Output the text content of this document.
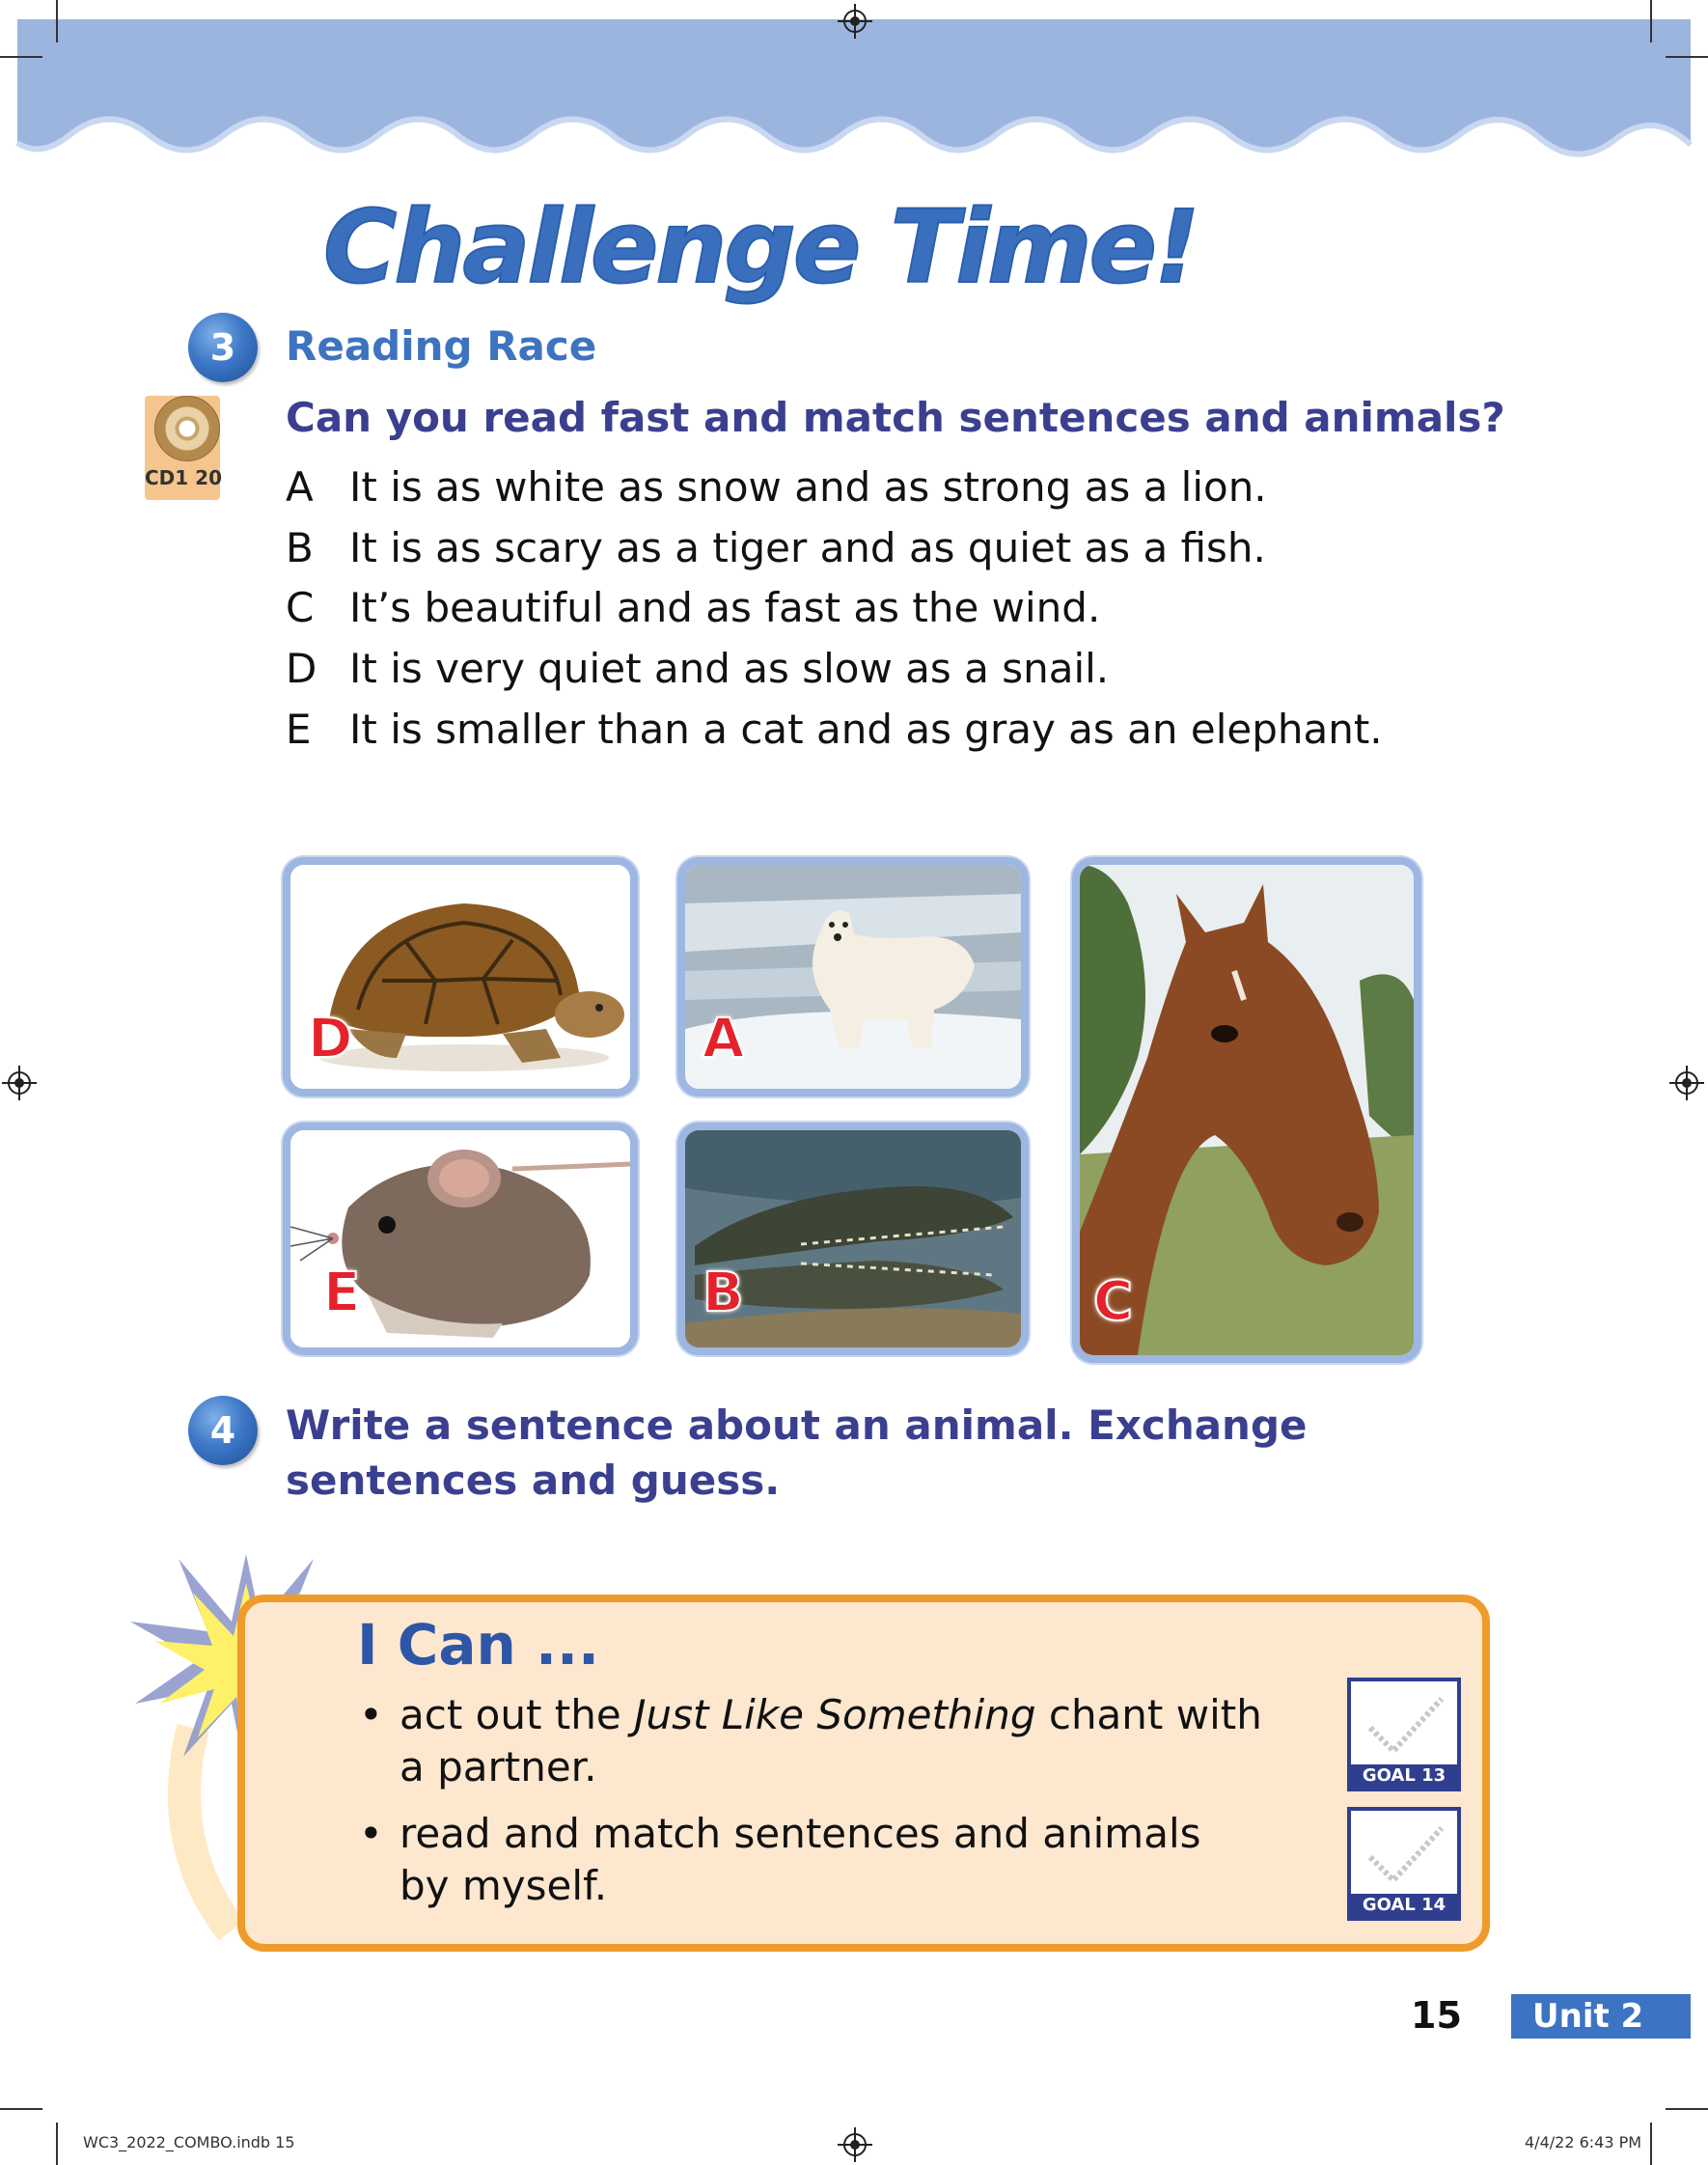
Challenge Time!
3	Reading Race
CD1 20
Can you read fast and match sentences and animals?
A It is as white as snow and as strong as a lion.
B It is as scary as a tiger and as quiet as a fish.
C It’s beautiful and as fast as the wind.
D It is very quiet and as slow as a snail.
E It is smaller than a cat and as gray as an elephant.
D	A
C
E	B
4	Write a sentence about an animal. Exchange
sentences and guess.
I Can ...
• act out the Just Like Something chant with
a partner.
• read and match sentences and animals
by myself.
GOAL 13
GOAL 14
15	Unit 2
WC3_2022_COMBO.indb 15	4/4/22 6:43 PM
